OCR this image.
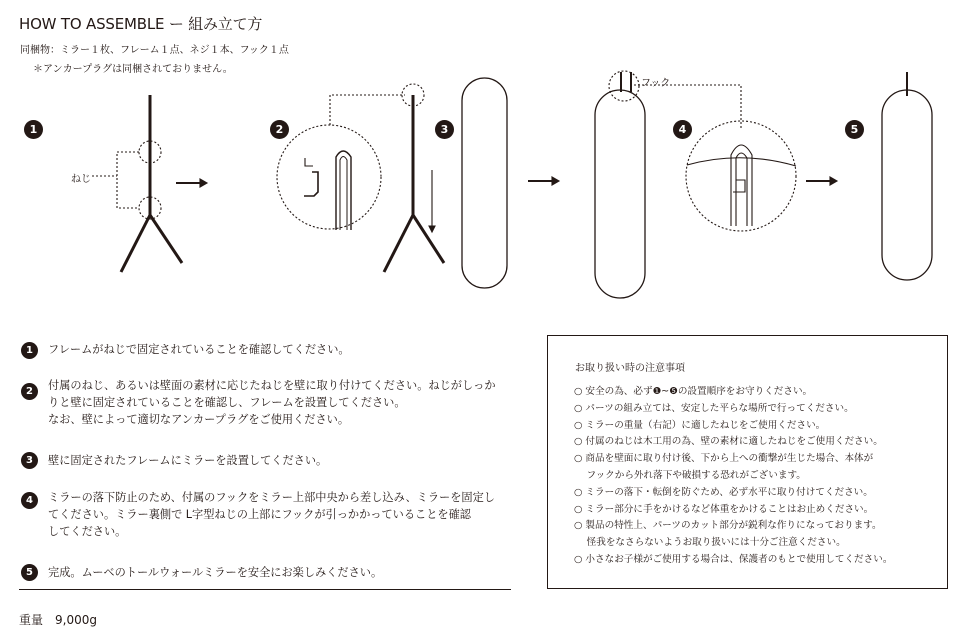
HOW TO ASSEMBLE ー 組み立て方
同梱物：ミラー１枚、フレーム１点、ネジ１本、フック１点
＊アンカープラグは同梱されておりません。
1	2	3	4	5
ねじ
フック
1	フレームがねじで固定されていることを確認してください。
2	付属のねじ、あるいは壁面の素材に応じたねじを壁に取り付けてください。ねじがしっか
りと壁に固定されていることを確認し、フレームを設置してください。
なお、壁によって適切なアンカープラグをご使用ください。
3	壁に固定されたフレームにミラーを設置してください。
4	ミラーの落下防止のため、付属のフックをミラー上部中央から差し込み、ミラーを固定し
てください。ミラー裏側で L字型ねじの上部にフックが引っかかっていることを確認
してください。
5	完成。ムーベのトールウォールミラーを安全にお楽しみください。
重量　9,000g
お取り扱い時の注意事項
○ 安全の為、必ず❶~❺の設置順序をお守りください。
○ パーツの組み立ては、安定した平らな場所で行ってください。
○ ミラーの重量（右記）に適したねじをご使用ください。
○ 付属のねじは木工用の為、壁の素材に適したねじをご使用ください。
○ 商品を壁面に取り付け後、下から上への衝撃が生じた場合、本体が
　 フックから外れ落下や破損する恐れがございます。
○ ミラーの落下・転倒を防ぐため、必ず水平に取り付けてください。
○ ミラー部分に手をかけるなど体重をかけることはお止めください。
○ 製品の特性上、パーツのカット部分が鋭利な作りになっております。
　 怪我をなさらないようお取り扱いには十分ご注意ください。
○ 小さなお子様がご使用する場合は、保護者のもとで使用してください。
